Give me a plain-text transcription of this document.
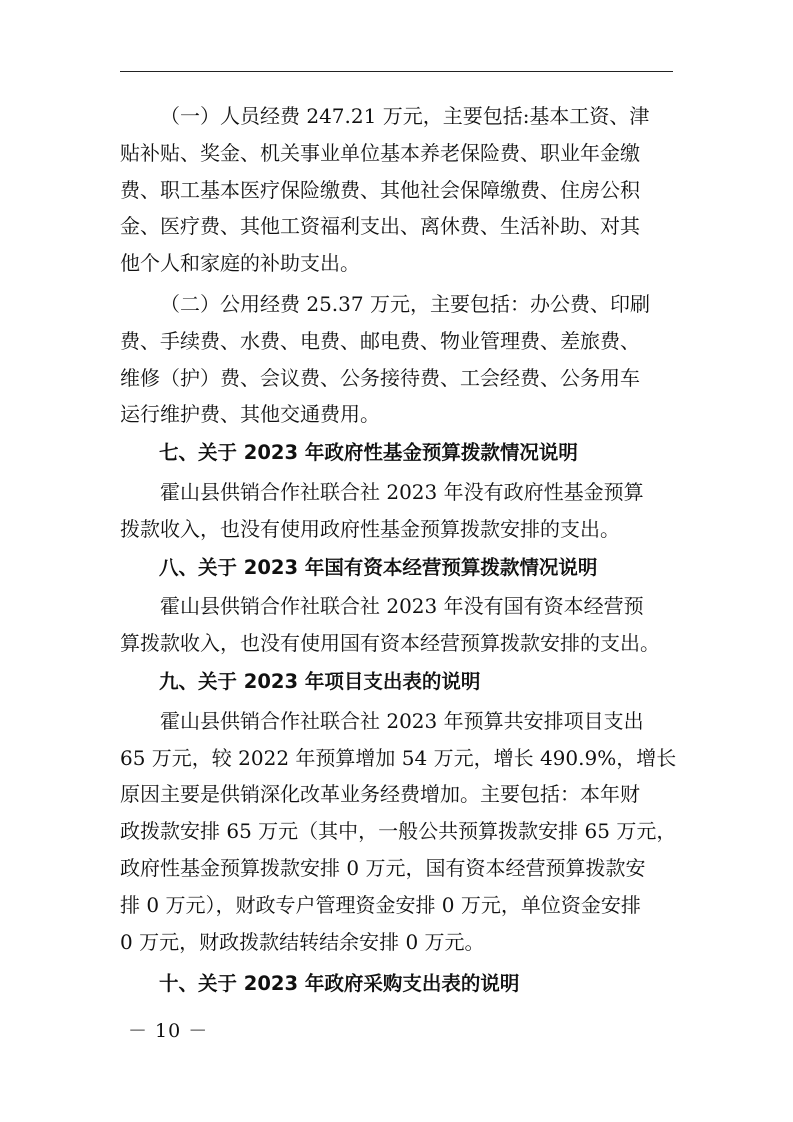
（一）人员经费 247.21 万元，主要包括:基本工资、津
贴补贴、奖金、机关事业单位基本养老保险费、职业年金缴
费、职工基本医疗保险缴费、其他社会保障缴费、住房公积
金、医疗费、其他工资福利支出、离休费、生活补助、对其
他个人和家庭的补助支出。

（二）公用经费 25.37 万元，主要包括：办公费、印刷
费、手续费、水费、电费、邮电费、物业管理费、差旅费、
维修（护）费、会议费、公务接待费、工会经费、公务用车
运行维护费、其他交通费用。

七、关于 2023 年政府性基金预算拨款情况说明

霍山县供销合作社联合社 2023 年没有政府性基金预算
拨款收入，也没有使用政府性基金预算拨款安排的支出。

八、关于 2023 年国有资本经营预算拨款情况说明

霍山县供销合作社联合社 2023 年没有国有资本经营预
算拨款收入，也没有使用国有资本经营预算拨款安排的支出。

九、关于 2023 年项目支出表的说明

霍山县供销合作社联合社 2023 年预算共安排项目支出
65 万元，较 2022 年预算增加 54 万元，增长 490.9%，增长
原因主要是供销深化改革业务经费增加。主要包括：本年财
政拨款安排 65 万元（其中，一般公共预算拨款安排 65 万元，
政府性基金预算拨款安排 0 万元，国有资本经营预算拨款安
排 0 万元），财政专户管理资金安排 0 万元，单位资金安排
0 万元，财政拨款结转结余安排 0 万元。

十、关于 2023 年政府采购支出表的说明

－ 10 －
